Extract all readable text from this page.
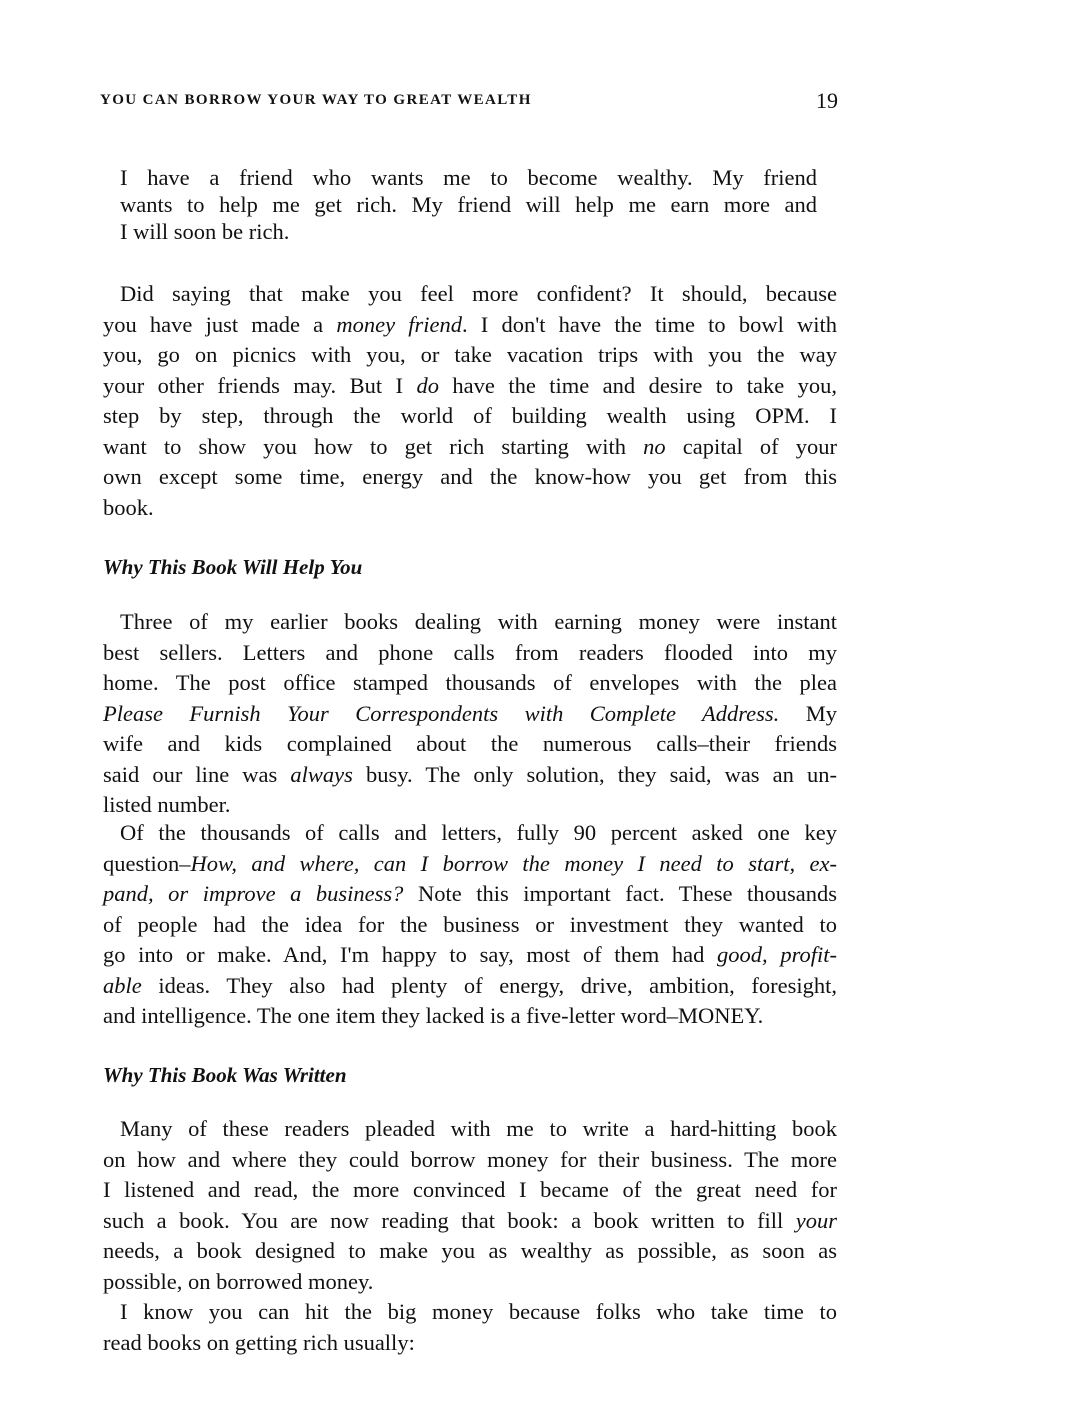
YOU CAN BORROW YOUR WAY TO GREAT WEALTH	19
I have a friend who wants me to become wealthy. My friend
wants to help me get rich. My friend will help me earn more and
I will soon be rich.
Did saying that make you feel more confident? It should, because
you have just made a money friend. I don't have the time to bowl with
you, go on picnics with you, or take vacation trips with you the way
your other friends may. But I do have the time and desire to take you,
step by step, through the world of building wealth using OPM. I
want to show you how to get rich starting with no capital of your
own except some time, energy and the know-how you get from this
book.
Why This Book Will Help You
Three of my earlier books dealing with earning money were instant
best sellers. Letters and phone calls from readers flooded into my
home. The post office stamped thousands of envelopes with the plea
Please Furnish Your Correspondents with Complete Address. My
wife and kids complained about the numerous calls–their friends
said our line was always busy. The only solution, they said, was an un-
listed number.
Of the thousands of calls and letters, fully 90 percent asked one key
question–How, and where, can I borrow the money I need to start, ex-
pand, or improve a business? Note this important fact. These thousands
of people had the idea for the business or investment they wanted to
go into or make. And, I'm happy to say, most of them had good, profit-
able ideas. They also had plenty of energy, drive, ambition, foresight,
and intelligence. The one item they lacked is a five-letter word–MONEY.
Why This Book Was Written
Many of these readers pleaded with me to write a hard-hitting book
on how and where they could borrow money for their business. The more
I listened and read, the more convinced I became of the great need for
such a book. You are now reading that book: a book written to fill your
needs, a book designed to make you as wealthy as possible, as soon as
possible, on borrowed money.
I know you can hit the big money because folks who take time to
read books on getting rich usually:
